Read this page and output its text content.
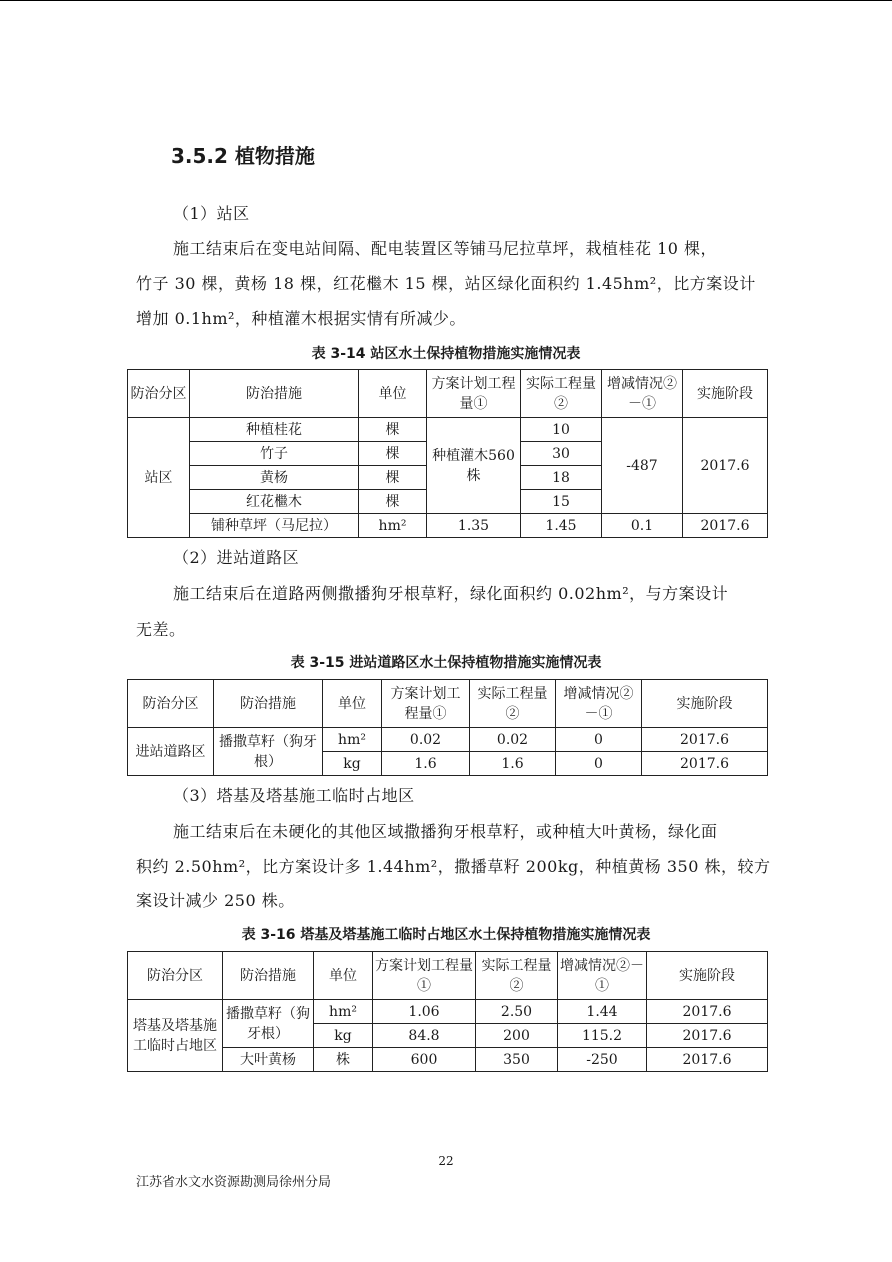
3.5.2 植物措施
（1）站区
施工结束后在变电站间隔、配电装置区等铺马尼拉草坪，栽植桂花 10 棵，
竹子 30 棵，黄杨 18 棵，红花檵木 15 棵，站区绿化面积约 1.45hm²，比方案设计
增加 0.1hm²，种植灌木根据实情有所减少。
表 3-14 站区水土保持植物措施实施情况表
防治分区	防治措施	单位	方案计划工程量①	实际工程量②	增减情况②－①	实施阶段
站区	种植桂花	棵	种植灌木560 株	10	-487	2017.6
	竹子	棵		30		
	黄杨	棵		18		
	红花檵木	棵		15		
	铺种草坪（马尼拉）	hm²	1.35	1.45	0.1	2017.6
（2）进站道路区
施工结束后在道路两侧撒播狗牙根草籽，绿化面积约 0.02hm²，与方案设计
无差。
表 3-15 进站道路区水土保持植物措施实施情况表
防治分区	防治措施	单位	方案计划工程量①	实际工程量②	增减情况②－①	实施阶段
进站道路区	播撒草籽（狗牙根）	hm²	0.02	0.02	0	2017.6
		kg	1.6	1.6	0	2017.6
（3）塔基及塔基施工临时占地区
施工结束后在未硬化的其他区域撒播狗牙根草籽，或种植大叶黄杨，绿化面
积约 2.50hm²，比方案设计多 1.44hm²，撒播草籽 200kg，种植黄杨 350 株，较方
案设计减少 250 株。
表 3-16 塔基及塔基施工临时占地区水土保持植物措施实施情况表
防治分区	防治措施	单位	方案计划工程量①	实际工程量②	增减情况②－①	实施阶段
塔基及塔基施工临时占地区	播撒草籽（狗牙根）	hm²	1.06	2.50	1.44	2017.6
		kg	84.8	200	115.2	2017.6
	大叶黄杨	株	600	350	-250	2017.6
22
江苏省水文水资源勘测局徐州分局
